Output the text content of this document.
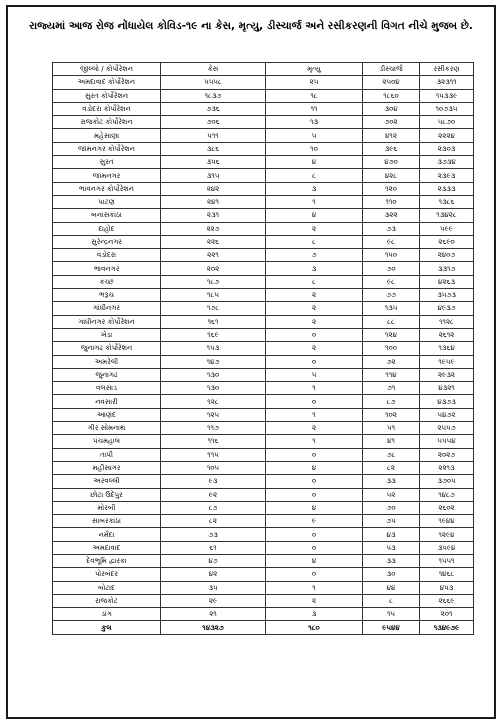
રાજ્યમાં આજ રોજ નોંધાયેલ કોવિડ-૧૯ ના કેસ, મૃત્યુ, ડીસ્ચાર્જ અને રસીકરણની વિગત નીચે મુજબ છે.
જીલ્લો / કોર્પોરેશન	કેસ	મૃત્યુ	ડીસ્ચાર્જ	રસીકરણ
અમદાવાદ કોર્પોરેશન	૫૫૫૮	૨૫	૨૫૦૪	૩૨૩૧૧
સુરત કોર્પોરેશન	૧૮૩૭	૧૮	૧૮૬૦	૧૫૩૩૯
વડોદરા કોર્પોરેશન	૭૩૬	૧૧	૩૦૪	૧૦૭૩૫
રાજકોટ કોર્પોરેશન	૭૦૬	૧૩	૭૦૨	૫૮૭૦
મહેસાણા	૫૧૧	૫	૪૧૨	૨૨૨૪
જામનગર કોર્પોરેશન	૩૮૬	૧૦	૩૯૬	૨૩૦૩
સુરત	૩૫૬	૪	૪૭૦	૩૭૩૪
જામનગર	૩૧૫	૮	૪૨૮	૨૩૯૩
ભાવનગર કોર્પોરેશન	૨૪૨	૩	૧૨૦	૨૩૩૩
પાટણ	૨૪૧	૧	૧૧૦	૧૩૮૬
બનાસકાંઠા	૨૩૧	૪	૩૨૨	૧૩૪૨૮
દાહોદ	૨૨૭	૨	૭૩	૫૯૯
સુરેન્દ્રનગર	૨૨૬	૮	૯૮	૨૬૯૦
વડોદરા	૨૨૧	૭	૧૫૦	૨૪૦૭
ભાવનગર	૨૦૨	૩	૭૦	૩૩૧૭
કચ્છ	૧૮૭	૮	૯૮	૪૨૬૩
ભરૂચ	૧૮૫	૨	૭૭	૩૫૭૩
ગાંધીનગર	૧૭૮	૨	૧૩૫	૪૯૩૭
ગાંધીનગર કોર્પોરેશન	૧૬૧	૨	૮૮	૧૧૨૮
ખેડા	૧૬૯	૦	૧૨૪	૨૬૧૨
જુનાગઢ કોર્પોરેશન	૧૫૩	૨	૧૦૦	૧૩૬૪
અમરેલી	૧૪૭	૦	૭૨	૧૯૫૯
જુનાગઢ	૧૩૦	૫	૧૧૪	૨૯૩૨
વલસાડ	૧૩૦	૧	૭૧	૪૩૨૧
નવસારી	૧૨૮	૦	૮૭	૪૩૭૩
આણંદ	૧૨૫	૧	૧૦૨	૫૪૭૨
ગીર સોમનાથ	૧૧૭	૨	૫૧	૨૫૫૭
પંચમહાલ	૧૧૬	૧	૪૧	૫૫૫૪
તાપી	૧૧૫	૦	૭૮	૨૦૨૭
મહીસાગર	૧૦૫	૪	૮૨	૨૨૧૩
અરવલ્લી	૯૩	૦	૩૩	૩૭૦૫
છોટા ઉદેપુર	૯૨	૦	૫૨	૧૪૮૭
મોરબી	૮૭	૪	૭૦	૨૬૦૨
સાબરકાંઠા	૮૨	૯	૭૫	૧૯૪૪
નર્મદા	૭૩	૦	૪૩	૧૨૯૪
અમદાવાદ	૬૧	૦	૫૩	૩૫૯૪
દેવભૂમિ દ્વારકા	૪૭	૪	૩૩	૧૫૫૧
પોરબંદર	૪૨	૦	૩૦	૧૪૬૮
બોટાદ	૩૫	૧	૪૪	૪૫૩
રાજકોટ	૨૯	૨	૮	૨૬૬૯
ડાંગ	૨૧	૩	૧૫	૨૦૧
કુલ	૧૪૩૨૭	૧૮૦	૯૫૪૪	૧૩૪૯૭૯
